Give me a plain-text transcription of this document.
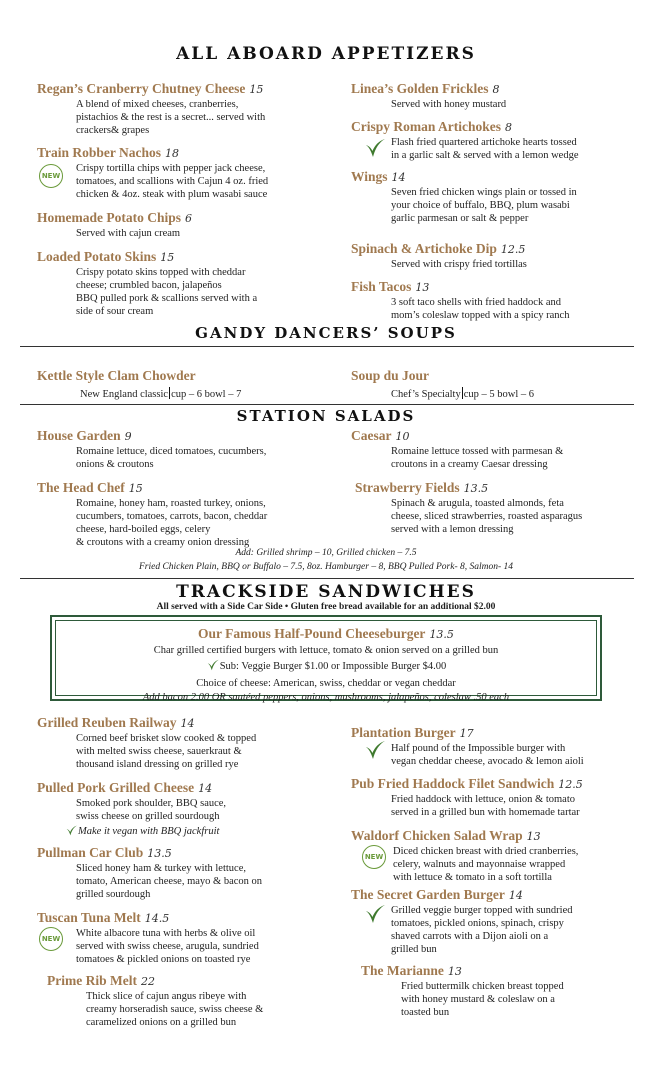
ALL ABOARD APPETIZERS
Regan’s Cranberry Chutney Cheese 15
A blend of mixed cheeses, cranberries,
pistachios & the rest is a secret... served with
crackers& grapes
Train Robber Nachos 18
Crispy tortilla chips with pepper jack cheese,
tomatoes, and scallions with Cajun 4 oz. fried
chicken & 4oz. steak with plum wasabi sauce
NEW
Homemade Potato Chips 6
Served with cajun cream
Loaded Potato Skins 15
Crispy potato skins topped with cheddar
cheese; crumbled bacon, jalapeños
BBQ pulled pork & scallions served with a
side of sour cream
Linea’s Golden Frickles 8
Served with honey mustard
Crispy Roman Artichokes 8
Flash fried quartered artichoke hearts tossed
in a garlic salt & served with a lemon wedge
Wings 14
Seven fried chicken wings plain or tossed in
your choice of buffalo, BBQ, plum wasabi
garlic parmesan or salt & pepper
Spinach & Artichoke Dip 12.5
Served with crispy fried tortillas
Fish Tacos 13
3 soft taco shells with fried haddock and
mom’s coleslaw topped with a spicy ranch
GANDY DANCERS’ SOUPS
Kettle Style Clam Chowder
New England classic cup – 6 bowl – 7
Soup du Jour
Chef’s Specialty cup – 5 bowl – 6
STATION SALADS
House Garden 9
Romaine lettuce, diced tomatoes, cucumbers,
onions & croutons
The Head Chef 15
Romaine, honey ham, roasted turkey, onions,
cucumbers, tomatoes, carrots, bacon, cheddar
cheese, hard-boiled eggs, celery
& croutons with a creamy onion dressing
Caesar 10
Romaine lettuce tossed with parmesan &
croutons in a creamy Caesar dressing
Strawberry Fields 13.5
Spinach & arugula, toasted almonds, feta
cheese, sliced strawberries, roasted asparagus
served with a lemon dressing
Add: Grilled shrimp – 10, Grilled chicken – 7.5
Fried Chicken Plain, BBQ or Buffalo – 7.5, 8oz. Hamburger – 8, BBQ Pulled Pork- 8, Salmon- 14
TRACKSIDE SANDWICHES
All served with a Side Car Side • Gluten free bread available for an additional $2.00
Our Famous Half-Pound Cheeseburger 13.5
Char grilled certified burgers with lettuce, tomato & onion served on a grilled bun
Sub: Veggie Burger $1.00 or Impossible Burger $4.00
Choice of cheese: American, swiss, cheddar or vegan cheddar
Add bacon 2.00 OR sautéed peppers, onions, mushrooms, jalapeños, coleslaw .50 each
Grilled Reuben Railway 14
Corned beef brisket slow cooked & topped
with melted swiss cheese, sauerkraut &
thousand island dressing on grilled rye
Pulled Pork Grilled Cheese 14
Smoked pork shoulder, BBQ sauce,
swiss cheese on grilled sourdough
Make it vegan with BBQ jackfruit
Pullman Car Club 13.5
Sliced honey ham & turkey with lettuce,
tomato, American cheese, mayo & bacon on
grilled sourdough
Tuscan Tuna Melt 14.5
White albacore tuna with herbs & olive oil
served with swiss cheese, arugula, sundried
tomatoes & pickled onions on toasted rye
NEW
Prime Rib Melt 22
Thick slice of cajun angus ribeye with
creamy horseradish sauce, swiss cheese &
caramelized onions on a grilled bun
Plantation Burger 17
Half pound of the Impossible burger with
vegan cheddar cheese, avocado & lemon aioli
Pub Fried Haddock Filet Sandwich 12.5
Fried haddock with lettuce, onion & tomato
served in a grilled bun with homemade tartar
Waldorf Chicken Salad Wrap 13
Diced chicken breast with dried cranberries,
celery, walnuts and mayonnaise wrapped
with lettuce & tomato in a soft tortilla
NEW
The Secret Garden Burger 14
Grilled veggie burger topped with sundried
tomatoes, pickled onions, spinach, crispy
shaved carrots with a Dijon aioli on a
grilled bun
The Marianne 13
Fried buttermilk chicken breast topped
with honey mustard & coleslaw on a
toasted bun
